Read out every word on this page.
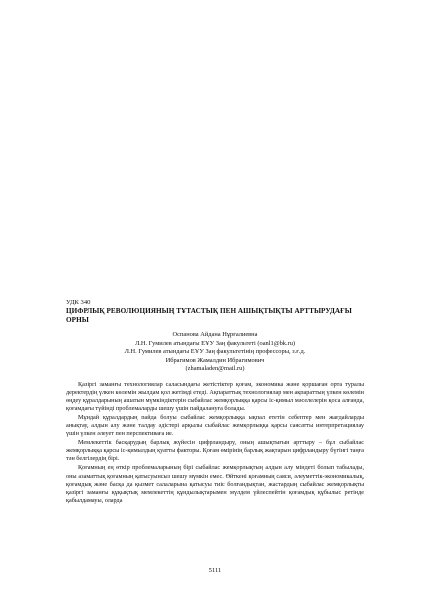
УДК 340
ЦИФРЛЫҚ РЕВОЛЮЦИЯНЫҢ ТҰТАСТЫҚ ПЕН АШЫҚТЫҚТЫ АРТТЫРУДАҒЫ ОРНЫ
Оспанова Айдана Нұрғалиевна
Л.Н. Гумилев атындағы ЕҰУ Заң факультеті (oanl1@bk.ru)
Л.Н. Гумилев атындағы ЕҰУ Заң факультетінің профессоры, з.ғ.д.
Ибрагимов Жамалдин Ибрагимович
(zhamaladen@mail.ru)

Қазіргі заманғы технологиялар саласындағы жетістіктер қоғам, экономика және қоршаған орта туралы деректердің үлкен көлемін жылдам қол жетімді етеді. Ақпараттық технологиялар мен ақпараттың үлкен көлемін өңдеу құралдарының ашатын мүмкіндіктерін сыбайлас жемқорлыққа қарсы іс-қимыл мәселелерін қоса алғанда, қоғамдағы түйінді проблемаларды шешу үшін пайдалануға болады.

Мұндай құралдардың пайда болуы сыбайлас жемқорлыққа ықпал ететін себептер мен жағдайларды анықтау, алдын алу және талдау әдістері арқылы сыбайлас жемқорлыққа қарсы саясатты интерпретациялау үшін үлкен әлеует пен перспективаға ие.

Мемлекеттік басқарудың барлық жүйесін цифрландыру, оның ашықтығын арттыру – бұл сыбайлас жемқорлыққа қарсы іс-қимылдың қуатты факторы. Қоғам өмірінің барлық жақтарын цифрландыру бүгінгі таңға тән белгілердің бірі.

Қоғамның ең өткір проблемаларының бірі сыбайлас жемқорлықтың алдын алу міндеті болып табылады, оны азаматтық қоғамның қатысуынсыз шешу мүмкін емес. Өйткені қоғамның саяси, әлеуметтік-экономикалық, қоғамдық және басқа да қызмет салаларына қатысуы тиіс болғандықтан, жастардың сыбайлас жемқорлықты қазіргі заманғы құқықтық мемлекеттің құндылықтарымен мүлдем үйлеспейтін қоғамдық құбылыс ретінде қабылдамауы, оларда

5111
